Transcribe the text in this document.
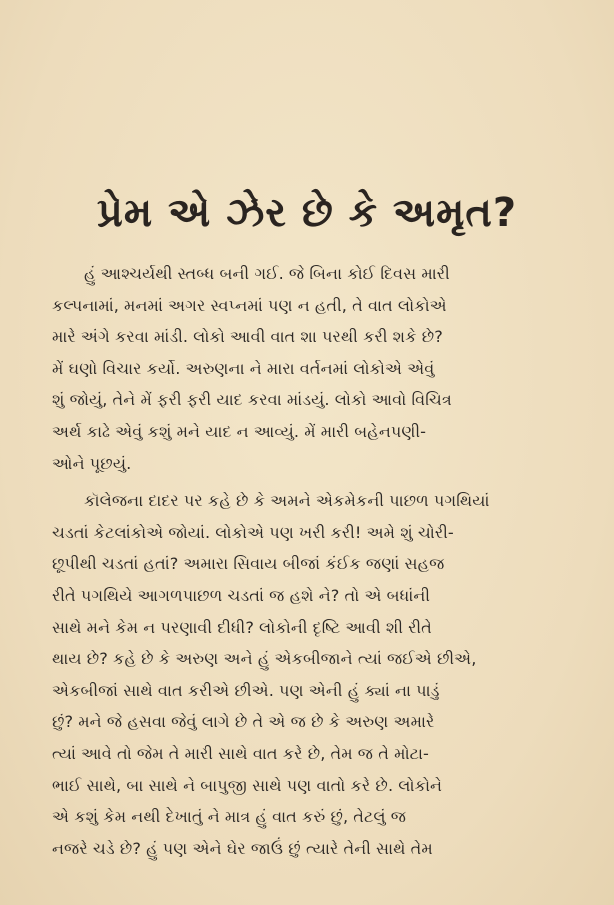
પ્રેમ એ ઝેર છે કે અમૃત?
હું આશ્ચર્યથી સ્તબ્ધ બની ગઈ. જે બિના કોઈ દિવસ મારી
કલ્પનામાં, મનમાં અગર સ્વપ્નમાં પણ ન હતી, તે વાત લોકોએ
મારે અંગે કરવા માંડી. લોકો આવી વાત શા પરથી કરી શકે છે?
મેં ઘણો વિચાર કર્યો. અરુણના ને મારા વર્તનમાં લોકોએ એવું
શું જોયું, તેને મેં ફરી ફરી યાદ કરવા માંડયું. લોકો આવો વિચિત્ર
અર્થ કાઢે એવું કશું મને યાદ ન આવ્યું. મેં મારી બહેનપણી-
ઓને પૂછયું.
કૉલેજના દાદર પર કહે છે કે અમને એકમેકની પાછળ પગથિયાં
ચડતાં કેટલાંકોએ જોયાં. લોકોએ પણ ખરી કરી! અમે શું ચોરી-
છૂપીથી ચડતાં હતાં? અમારા સિવાય બીજાં કંઈક જણાં સહજ
રીતે પગથિયે આગળપાછળ ચડતાં જ હશે ને? તો એ બધાંની
સાથે મને કેમ ન પરણાવી દીધી? લોકોની દૃષ્ટિ આવી શી રીતે
થાય છે? કહે છે કે અરુણ અને હું એકબીજાને ત્યાં જઈએ છીએ,
એકબીજાં સાથે વાત કરીએ છીએ. પણ એની હું ક્યાં ના પાડું
છું? મને જે હસવા જેવું લાગે છે તે એ જ છે કે અરુણ અમારે
ત્યાં આવે તો જેમ તે મારી સાથે વાત કરે છે, તેમ જ તે મોટા-
ભાઈ સાથે, બા સાથે ને બાપુજી સાથે પણ વાતો કરે છે. લોકોને
એ કશું કેમ નથી દેખાતું ને માત્ર હું વાત કરું છું, તેટલું જ
નજરે ચડે છે? હું પણ એને ઘેર જાઉં છું ત્યારે તેની સાથે તેમ
